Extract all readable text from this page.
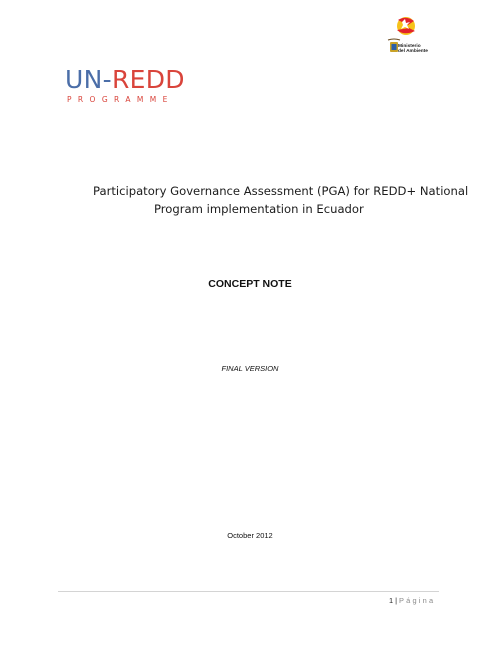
Ministerio
del Ambiente
UN-REDD
PROGRAMME
Participatory Governance Assessment (PGA) for REDD+ National
Program implementation in Ecuador
CONCEPT NOTE
FINAL VERSION
October 2012
1 | Página
